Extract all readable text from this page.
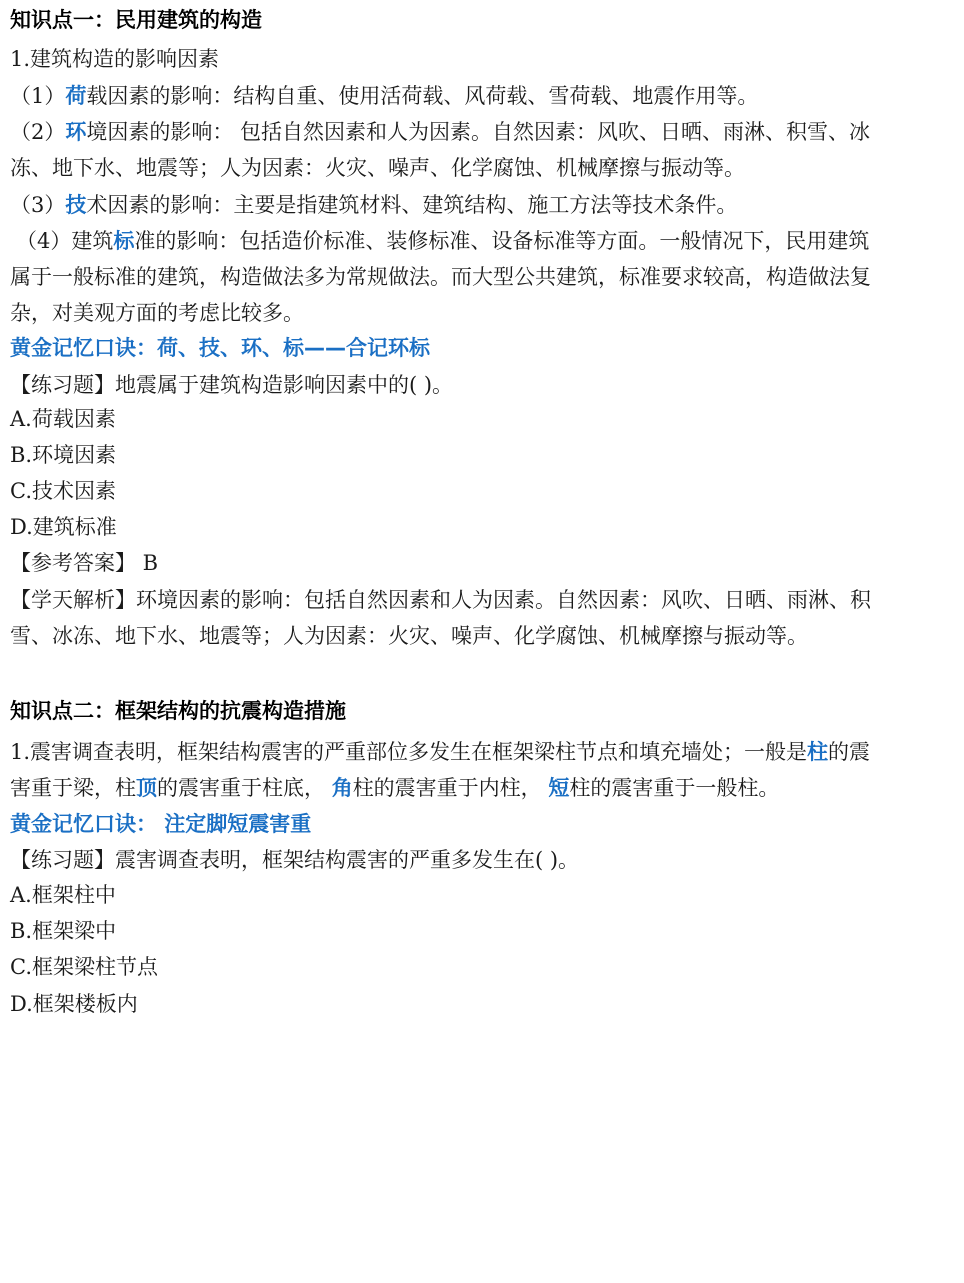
知识点一：民用建筑的构造
1.建筑构造的影响因素
（1）荷载因素的影响：结构自重、使用活荷载、风荷载、雪荷载、地震作用等。
（2）环境因素的影响： 包括自然因素和人为因素。自然因素：风吹、日晒、雨淋、积雪、冰
冻、地下水、地震等；人为因素：火灾、噪声、化学腐蚀、机械摩擦与振动等。
（3）技术因素的影响：主要是指建筑材料、建筑结构、施工方法等技术条件。
（4）建筑标准的影响：包括造价标准、装修标准、设备标准等方面。一般情况下，民用建筑
属于一般标准的建筑，构造做法多为常规做法。而大型公共建筑，标准要求较高，构造做法复
杂，对美观方面的考虑比较多。
黄金记忆口诀：荷、技、环、标——合记环标
【练习题】地震属于建筑构造影响因素中的( )。
A.荷载因素
B.环境因素
C.技术因素
D.建筑标准
【参考答案】 B
【学天解析】环境因素的影响：包括自然因素和人为因素。自然因素：风吹、日晒、雨淋、积
雪、冰冻、地下水、地震等；人为因素：火灾、噪声、化学腐蚀、机械摩擦与振动等。
知识点二：框架结构的抗震构造措施
1.震害调查表明，框架结构震害的严重部位多发生在框架梁柱节点和填充墙处；一般是柱的震
害重于梁，柱顶的震害重于柱底， 角柱的震害重于内柱， 短柱的震害重于一般柱。
黄金记忆口诀： 注定脚短震害重
【练习题】震害调查表明，框架结构震害的严重多发生在( )。
A.框架柱中
B.框架梁中
C.框架梁柱节点
D.框架楼板内
